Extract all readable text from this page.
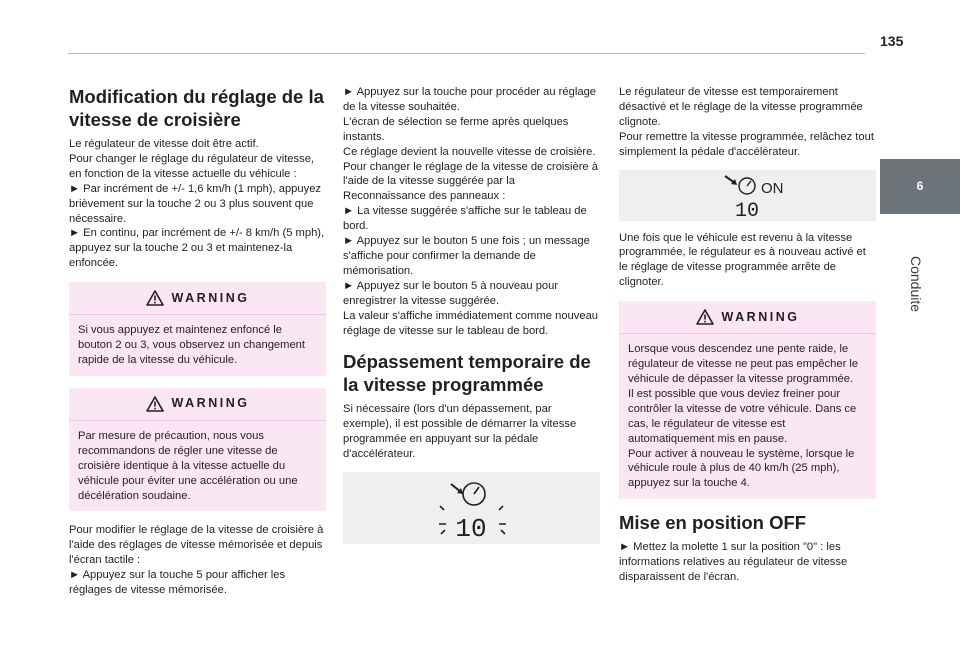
135
6
Conduite
Modification du réglage de la vitesse de croisière

Le régulateur de vitesse doit être actif.

Pour changer le réglage du régulateur de vitesse, en fonction de la vitesse actuelle du véhicule :

► Par incrément de +/- 1,6 km/h (1 mph), appuyez brièvement sur la touche 2 ou 3 plus souvent que nécessaire.

► En continu, par incrément de +/- 8 km/h (5 mph), appuyez sur la touche 2 ou 3 et maintenez-la enfoncée.

WARNING
Si vous appuyez et maintenez enfoncé le bouton 2 ou 3, vous observez un changement rapide de la vitesse du véhicule.
WARNING
Par mesure de précaution, nous vous recommandons de régler une vitesse de croisière identique à la vitesse actuelle du véhicule pour éviter une accélération ou une décélération soudaine.

Pour modifier le réglage de la vitesse de croisière à l'aide des réglages de vitesse mémorisée et depuis l'écran tactile :

► Appuyez sur la touche 5 pour afficher les réglages de vitesse mémorisée.

► Appuyez sur la touche pour procéder au réglage de la vitesse souhaitée.

L'écran de sélection se ferme après quelques instants.

Ce réglage devient la nouvelle vitesse de croisière.

Pour changer le réglage de la vitesse de croisière à l'aide de la vitesse suggérée par la Reconnaissance des panneaux :

► La vitesse suggérée s'affiche sur le tableau de bord.

► Appuyez sur le bouton 5 une fois ; un message s'affiche pour confirmer la demande de mémorisation.

► Appuyez sur le bouton 5 à nouveau pour enregistrer la vitesse suggérée.

La valeur s'affiche immédiatement comme nouveau réglage de vitesse sur le tableau de bord.

Dépassement temporaire de la vitesse programmée

Si nécessaire (lors d'un dépassement, par exemple), il est possible de démarrer la vitesse programmée en appuyant sur la pédale d'accélérateur.

10

Le régulateur de vitesse est temporairement désactivé et le réglage de la vitesse programmée clignote.

Pour remettre la vitesse programmée, relâchez tout simplement la pédale d'accélérateur.

ON
10

Une fois que le véhicule est revenu à la vitesse programmée, le régulateur es à nouveau activé et le réglage de vitesse programmée arrête de clignoter.

WARNING

Lorsque vous descendez une pente raide, le régulateur de vitesse ne peut pas empêcher le véhicule de dépasser la vitesse programmée.

Il est possible que vous deviez freiner pour contrôler la vitesse de votre véhicule. Dans ce cas, le régulateur de vitesse est automatiquement mis en pause.

Pour activer à nouveau le système, lorsque le véhicule roule à plus de 40 km/h (25 mph), appuyez sur la touche 4.

Mise en position OFF

► Mettez la molette 1 sur la position "0" : les informations relatives au régulateur de vitesse disparaissent de l'écran.
